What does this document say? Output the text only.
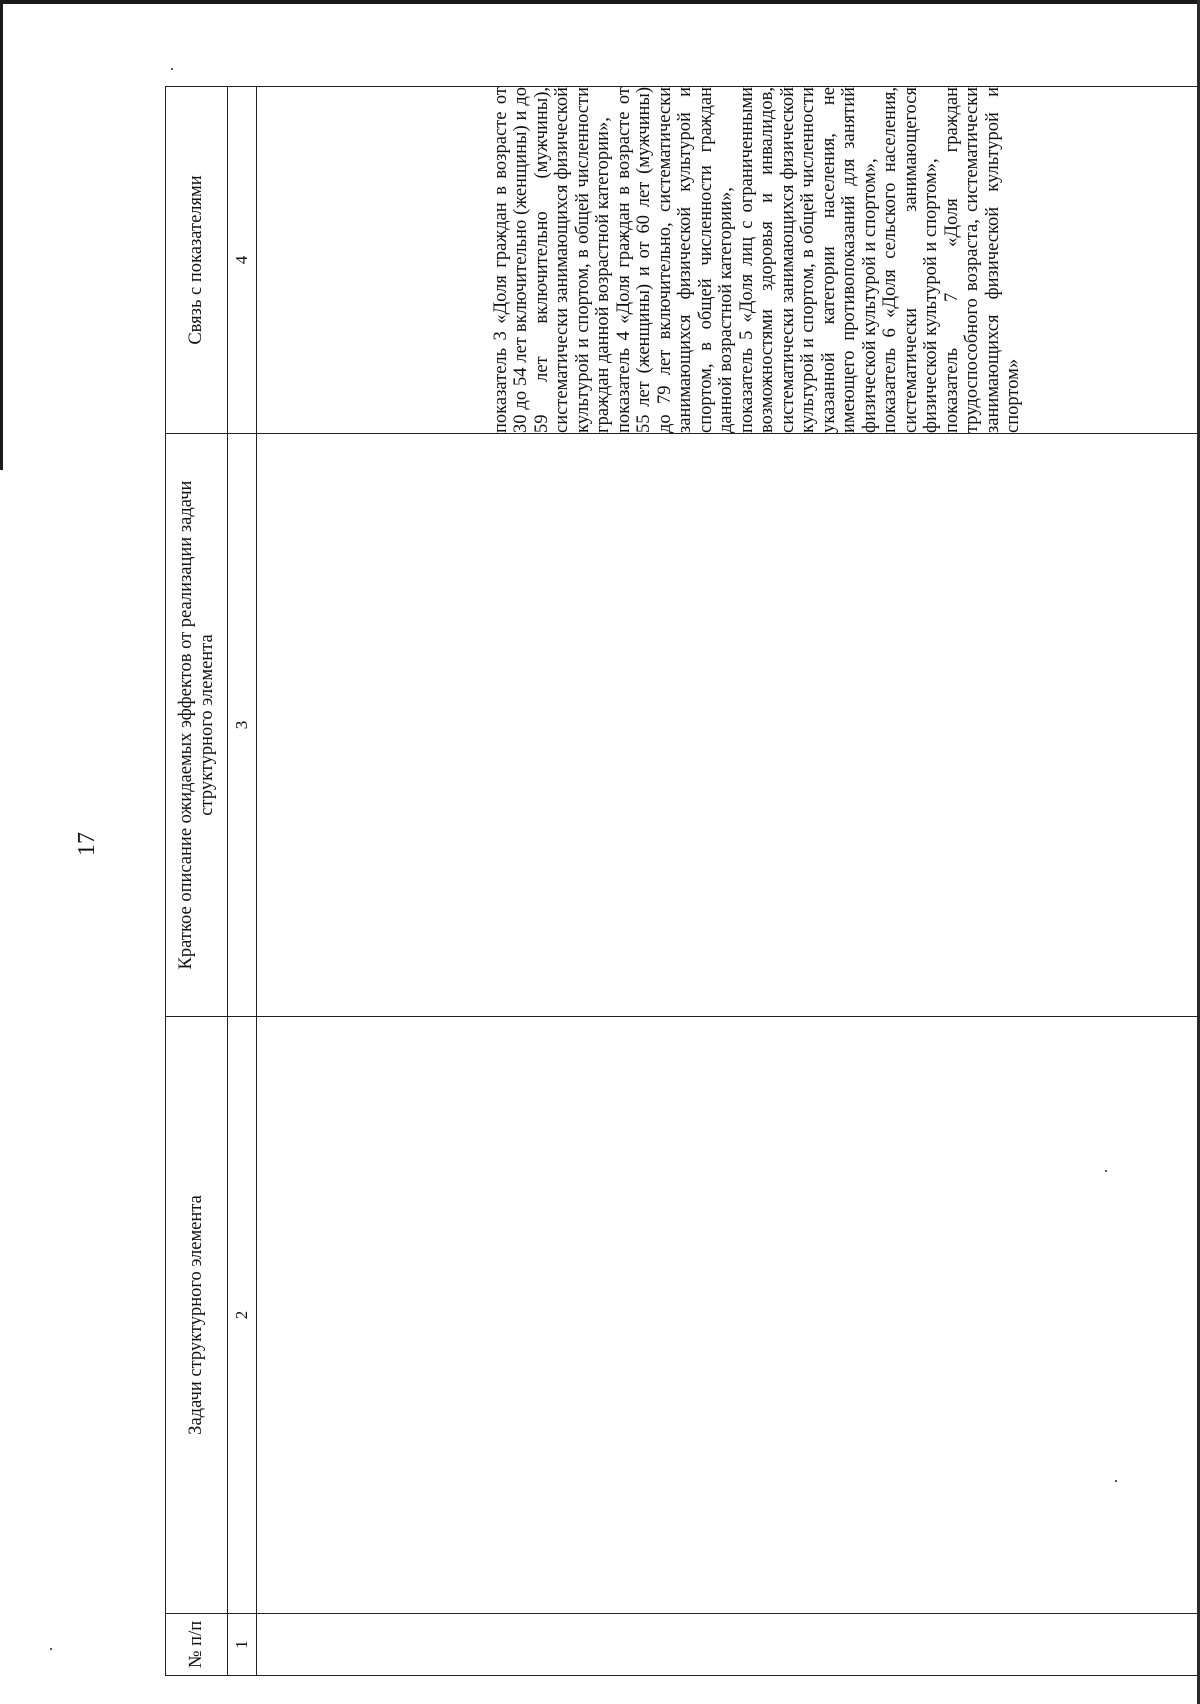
17
№ п/п	Задачи структурного элемента	Краткое описание ожидаемых эффектов от реализации задачи структурного элемента	Связь с показателями
1	2	3	4

			показатель 3 «Доля граждан в возрасте от 30 до 54 лет включительно (женщины) и до 59 лет включительно (мужчины), систематически занимающихся физической культурой и спортом, в общей численности граждан данной возрастной категории», показатель 4 «Доля граждан в возрасте от 55 лет (женщины) и от 60 лет (мужчины) до 79 лет включительно, систематически занимающихся физической культурой и спортом, в общей численности граждан данной возрастной категории», показатель 5 «Доля лиц с ограниченными возможностями здоровья и инвалидов, систематически занимающихся физической культурой и спортом, в общей численности указанной категории населения, не имеющего противопоказаний для занятий физической культурой и спортом», показатель 6 «Доля сельского населения, систематически занимающегося физической культурой и спортом», показатель 7 «Доля граждан трудоспособного возраста, систематически занимающихся физической культурой и спортом»
